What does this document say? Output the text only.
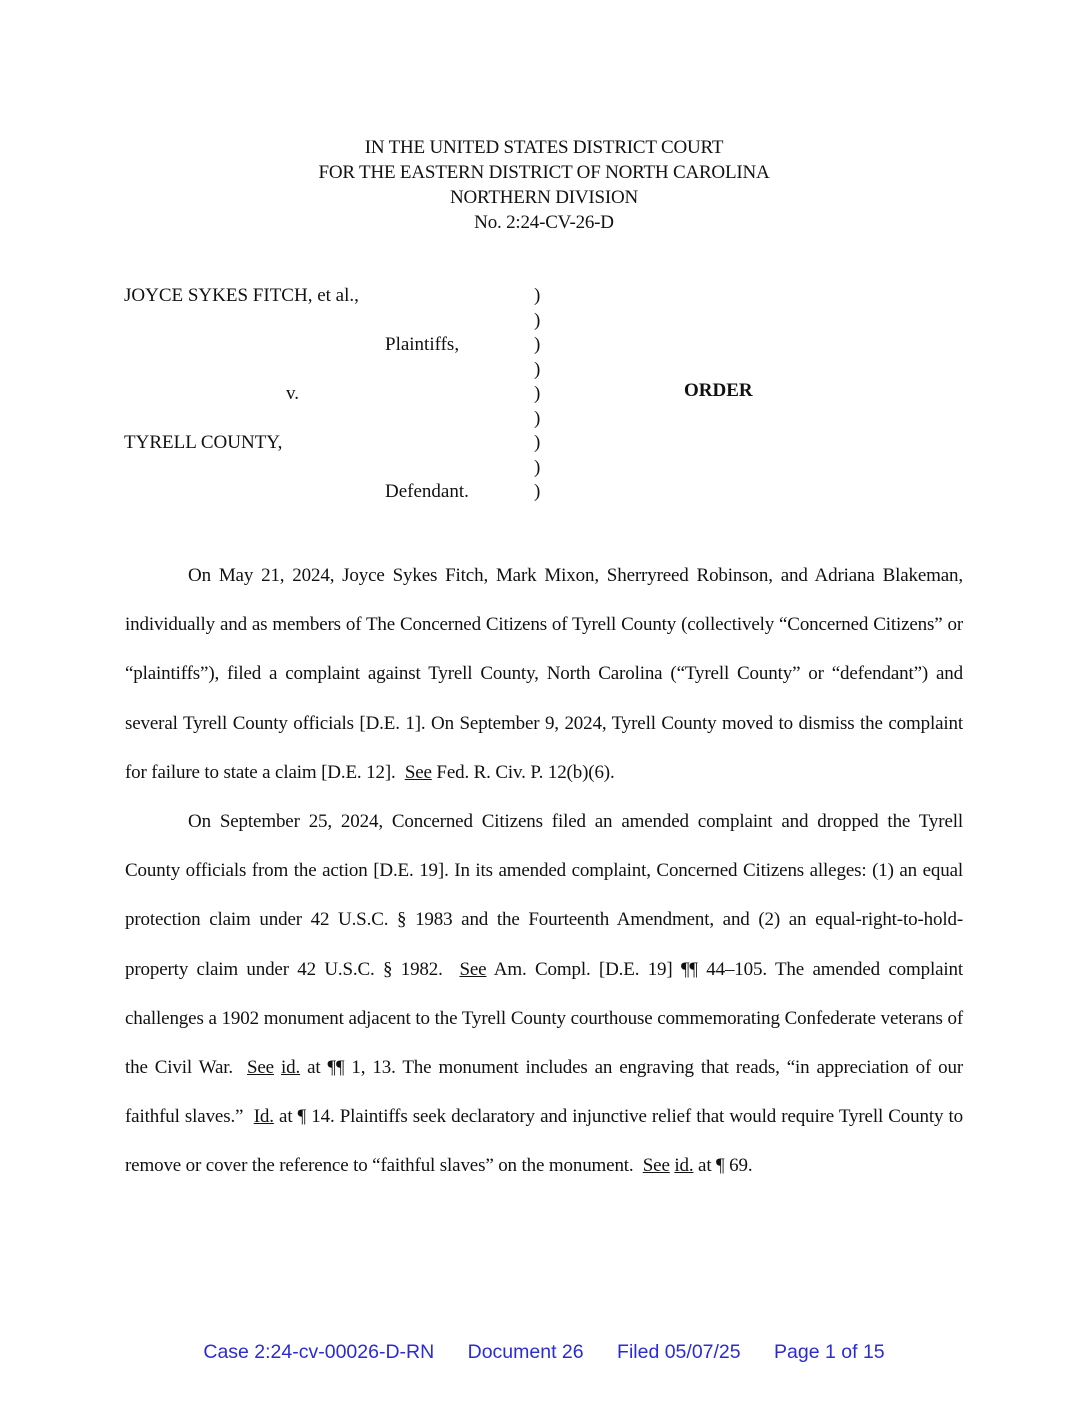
IN THE UNITED STATES DISTRICT COURT
FOR THE EASTERN DISTRICT OF NORTH CAROLINA
NORTHERN DIVISION
No. 2:24-CV-26-D
JOYCE SYKES FITCH, et al.,
Plaintiffs,
v.
TYRELL COUNTY,
Defendant.
)
)
)
)
)
)
)
)
)
ORDER

On May 21, 2024, Joyce Sykes Fitch, Mark Mixon, Sherryreed Robinson, and Adriana Blakeman, individually and as members of The Concerned Citizens of Tyrell County (collectively “Concerned Citizens” or “plaintiffs”), filed a complaint against Tyrell County, North Carolina (“Tyrell County” or “defendant”) and several Tyrell County officials [D.E. 1]. On September 9, 2024, Tyrell County moved to dismiss the complaint for failure to state a claim [D.E. 12]. See Fed. R. Civ. P. 12(b)(6).

On September 25, 2024, Concerned Citizens filed an amended complaint and dropped the Tyrell County officials from the action [D.E. 19]. In its amended complaint, Concerned Citizens alleges: (1) an equal protection claim under 42 U.S.C. § 1983 and the Fourteenth Amendment, and (2) an equal-right-to-hold-property claim under 42 U.S.C. § 1982. See Am. Compl. [D.E. 19] ¶¶ 44–105. The amended complaint challenges a 1902 monument adjacent to the Tyrell County courthouse commemorating Confederate veterans of the Civil War. See id. at ¶¶ 1, 13. The monument includes an engraving that reads, “in appreciation of our faithful slaves.” Id. at ¶ 14. Plaintiffs seek declaratory and injunctive relief that would require Tyrell County to remove or cover the reference to “faithful slaves” on the monument. See id. at ¶ 69.

Case 2:24-cv-00026-D-RN Document 26 Filed 05/07/25 Page 1 of 15
